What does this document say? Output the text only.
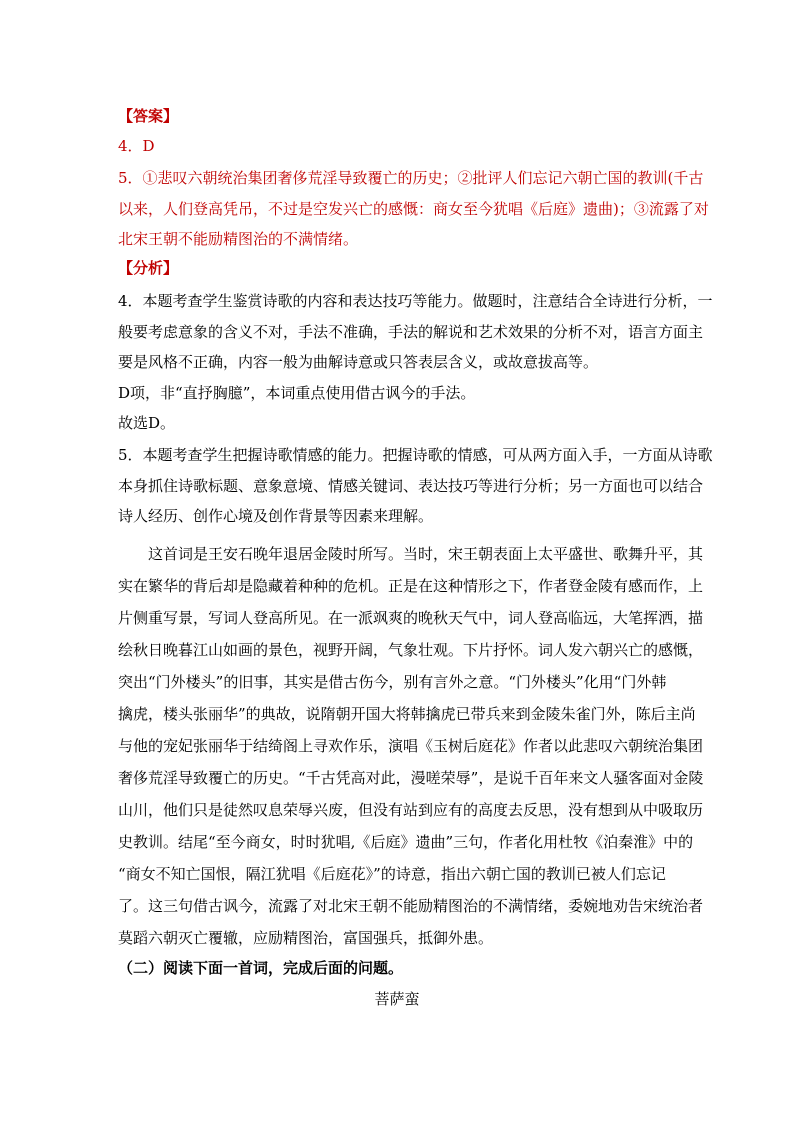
【答案】
4．D

5．①悲叹六朝统治集团奢侈荒淫导致覆亡的历史；②批评人们忘记六朝亡国的教训(千古

以来，人们登高凭吊，不过是空发兴亡的感慨：商女至今犹唱《后庭》遗曲)；③流露了对

北宋王朝不能励精图治的不满情绪。

【分析】

4．本题考查学生鉴赏诗歌的内容和表达技巧等能力。做题时，注意结合全诗进行分析，一

般要考虑意象的含义不对，手法不准确，手法的解说和艺术效果的分析不对，语言方面主

要是风格不正确，内容一般为曲解诗意或只答表层含义，或故意拔高等。

D项，非“直抒胸臆”，本词重点使用借古讽今的手法。
故选D。

5．本题考查学生把握诗歌情感的能力。把握诗歌的情感，可从两方面入手，一方面从诗歌

本身抓住诗歌标题、意象意境、情感关键词、表达技巧等进行分析；另一方面也可以结合

诗人经历、创作心境及创作背景等因素来理解。

这首词是王安石晚年退居金陵时所写。当时，宋王朝表面上太平盛世、歌舞升平，其

实在繁华的背后却是隐藏着种种的危机。正是在这种情形之下，作者登金陵有感而作，上

片侧重写景，写词人登高所见。在一派飒爽的晚秋天气中，词人登高临远，大笔挥洒，描

绘秋日晚暮江山如画的景色，视野开阔，气象壮观。下片抒怀。词人发六朝兴亡的感慨，

突出“门外楼头”的旧事，其实是借古伤今，别有言外之意。“门外楼头”化用“门外韩

擒虎，楼头张丽华”的典故，说隋朝开国大将韩擒虎已带兵来到金陵朱雀门外，陈后主尚

与他的宠妃张丽华于结绮阁上寻欢作乐，演唱《玉树后庭花》作者以此悲叹六朝统治集团

奢侈荒淫导致覆亡的历史。“千古凭高对此，漫嗟荣辱”，是说千百年来文人骚客面对金陵

山川，他们只是徒然叹息荣辱兴废，但没有站到应有的高度去反思，没有想到从中吸取历

史教训。结尾“至今商女，时时犹唱,《后庭》遗曲”三句，作者化用杜牧《泊秦淮》中的

“商女不知亡国恨，隔江犹唱《后庭花》”的诗意，指出六朝亡国的教训已被人们忘记

了。这三句借古讽今，流露了对北宋王朝不能励精图治的不满情绪，委婉地劝告宋统治者

莫蹈六朝灭亡覆辙，应励精图治，富国强兵，抵御外患。

（二）阅读下面一首词，完成后面的问题。
菩萨蛮
